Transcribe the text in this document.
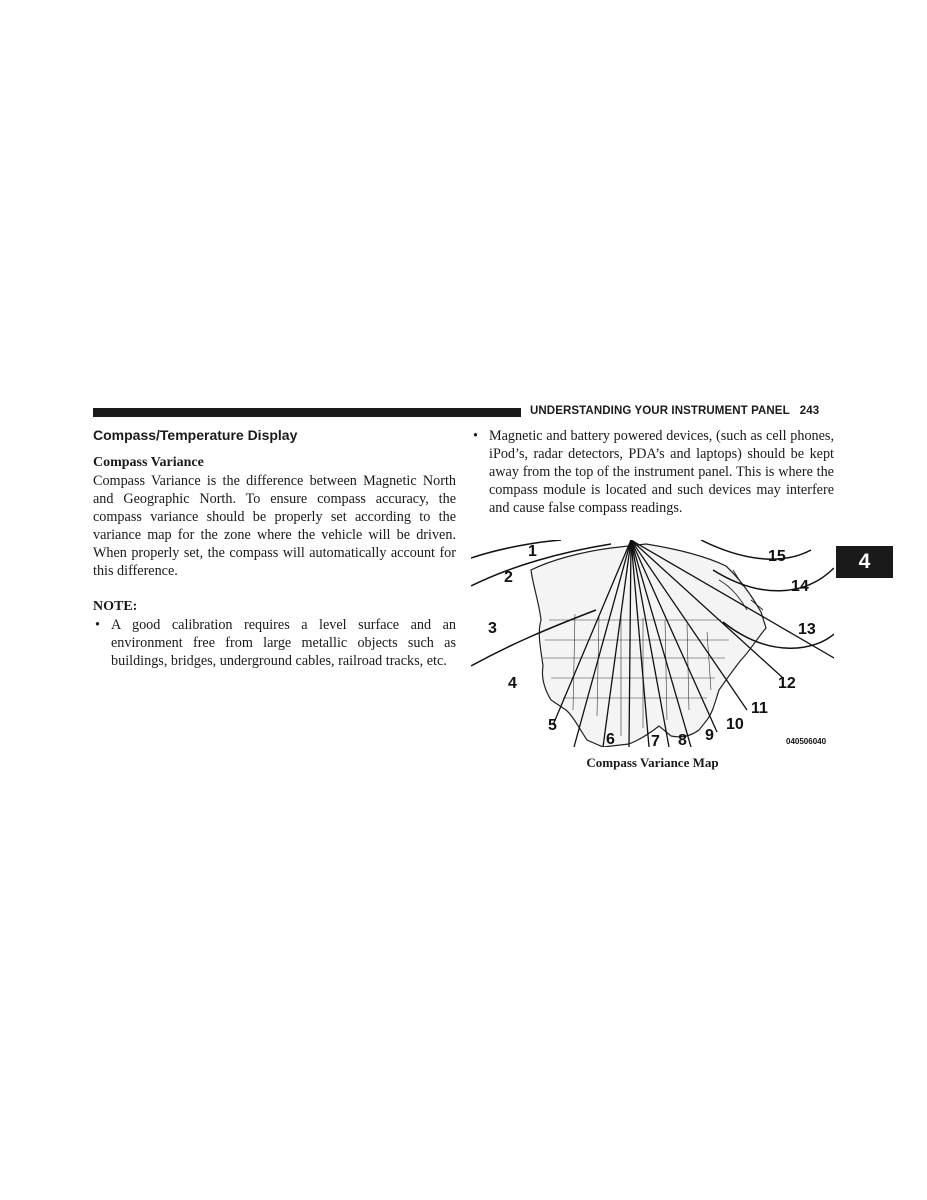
UNDERSTANDING YOUR INSTRUMENT PANEL 243
4
Compass/Temperature Display
Compass Variance

Compass Variance is the difference between Magnetic North and Geographic North. To ensure compass accuracy, the compass variance should be properly set according to the variance map for the zone where the vehicle will be driven. When properly set, the compass will automatically account for this difference.

NOTE:

• A good calibration requires a level surface and an environment free from large metallic objects such as buildings, bridges, underground cables, railroad tracks, etc.

• Magnetic and battery powered devices, (such as cell phones, iPod’s, radar detectors, PDA’s and laptops) should be kept away from the top of the instrument panel. This is where the compass module is located and such devices may interfere and cause false compass readings.

1
2
3
4
5
6 7 8 9
10
11
12
13
14
15
040506040
Compass Variance Map
